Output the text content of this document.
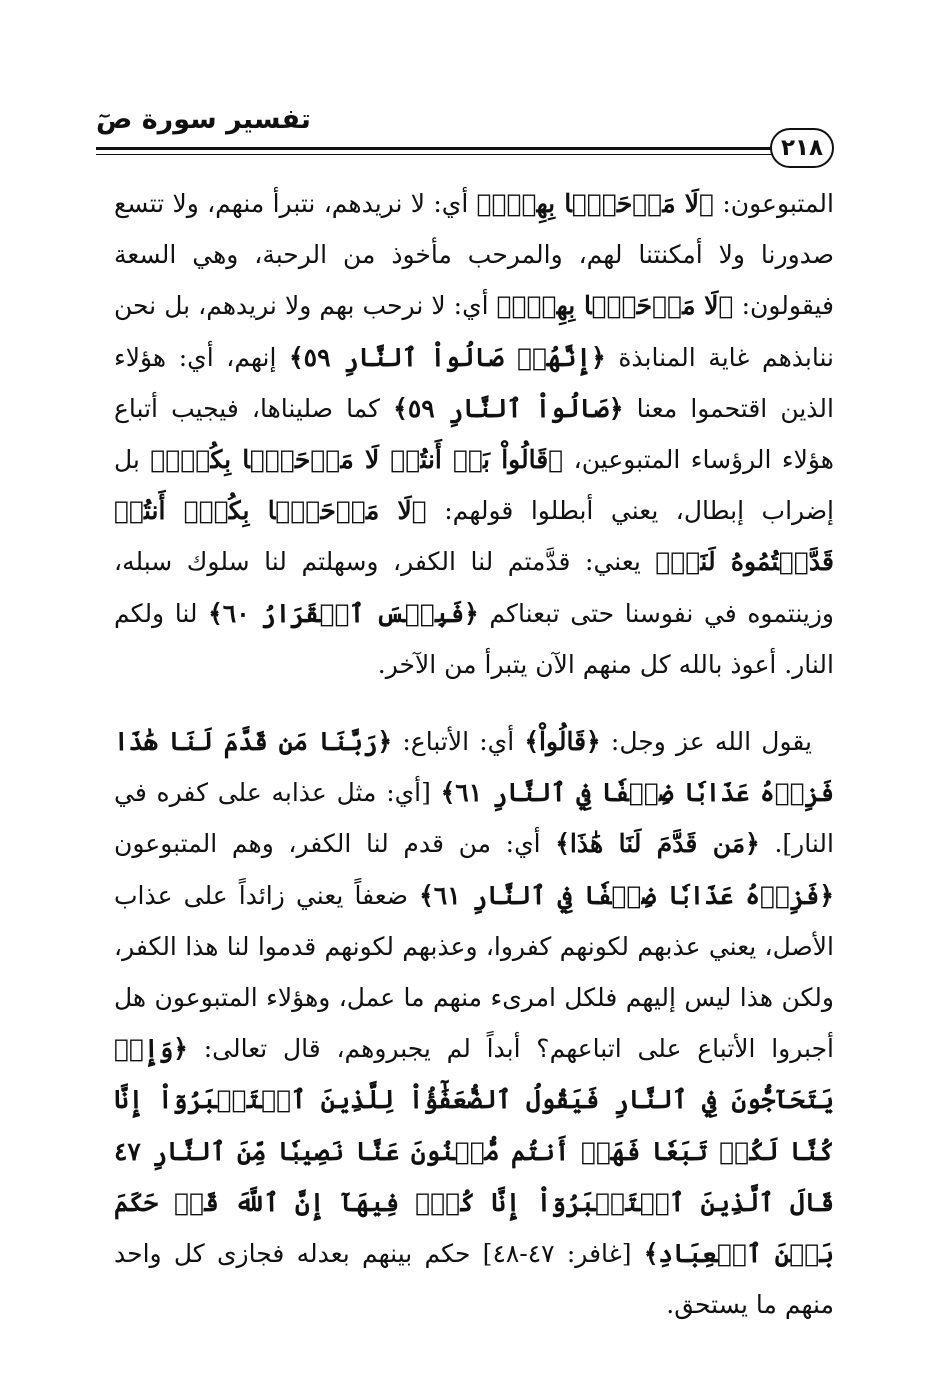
تفسير سورة صٓ
٢١٨
المتبوعون: ﴿لَا مَرۡحَبَۢا بِهِمۡۚ﴾ أي: لا نريدهم، نتبرأ منهم، ولا تتسع صدورنا ولا أمكنتنا لهم، والمرحب مأخوذ من الرحبة، وهي السعة فيقولون: ﴿لَا مَرۡحَبَۢا بِهِمۡۚ﴾ أي: لا نرحب بهم ولا نريدهم، بل نحن ننابذهم غاية المنابذة ﴿إِنَّهُمۡ صَالُواْ ٱلنَّارِ ٥٩﴾ إنهم، أي: هؤلاء الذين اقتحموا معنا ﴿صَالُواْ ٱلنَّارِ ٥٩﴾ كما صليناها، فيجيب أتباع هؤلاء الرؤساء المتبوعين، ﴿قَالُواْ بَلۡ أَنتُمۡ لَا مَرۡحَبَۢا بِكُمۡۖ﴾ بل إضراب إبطال، يعني أبطلوا قولهم: ﴿لَا مَرۡحَبَۢا بِكُمۡۖ أَنتُمۡ قَدَّمۡتُمُوهُ لَنَاۖ﴾ يعني: قدَّمتم لنا الكفر، وسهلتم لنا سلوك سبله، وزينتموه في نفوسنا حتى تبعناكم ﴿فَبِئۡسَ ٱلۡقَرَارُ ٦٠﴾ لنا ولكم النار. أعوذ بالله كل منهم الآن يتبرأ من الآخر.
يقول الله عز وجل: ﴿قَالُواْ﴾ أي: الأتباع: ﴿رَبَّنَا مَن قَدَّمَ لَنَا هَٰذَا فَزِدۡهُ عَذَابٗا ضِعۡفٗا فِي ٱلنَّارِ ٦١﴾ [أي: مثل عذابه على كفره في النار]. ﴿مَن قَدَّمَ لَنَا هَٰذَا﴾ أي: من قدم لنا الكفر، وهم المتبوعون ﴿فَزِدۡهُ عَذَابٗا ضِعۡفٗا فِي ٱلنَّارِ ٦١﴾ ضعفاً يعني زائداً على عذاب الأصل، يعني عذبهم لكونهم كفروا، وعذبهم لكونهم قدموا لنا هذا الكفر، ولكن هذا ليس إليهم فلكل امرىء منهم ما عمل، وهؤلاء المتبوعون هل أجبروا الأتباع على اتباعهم؟ أبداً لم يجبروهم، قال تعالى: ﴿وَإِذۡ يَتَحَآجُّونَ فِي ٱلنَّارِ فَيَقُولُ ٱلضُّعَفَٰٓؤُاْ لِلَّذِينَ ٱسۡتَكۡبَرُوٓاْ إِنَّا كُنَّا لَكُمۡ تَبَعٗا فَهَلۡ أَنتُم مُّغۡنُونَ عَنَّا نَصِيبٗا مِّنَ ٱلنَّارِ ٤٧ قَالَ ٱلَّذِينَ ٱسۡتَكۡبَرُوٓاْ إِنَّا كُلّٞ فِيهَآ إِنَّ ٱللَّهَ قَدۡ حَكَمَ بَيۡنَ ٱلۡعِبَادِ﴾ [غافر: ٤٧-٤٨] حكم بينهم بعدله فجازى كل واحد منهم ما يستحق.
